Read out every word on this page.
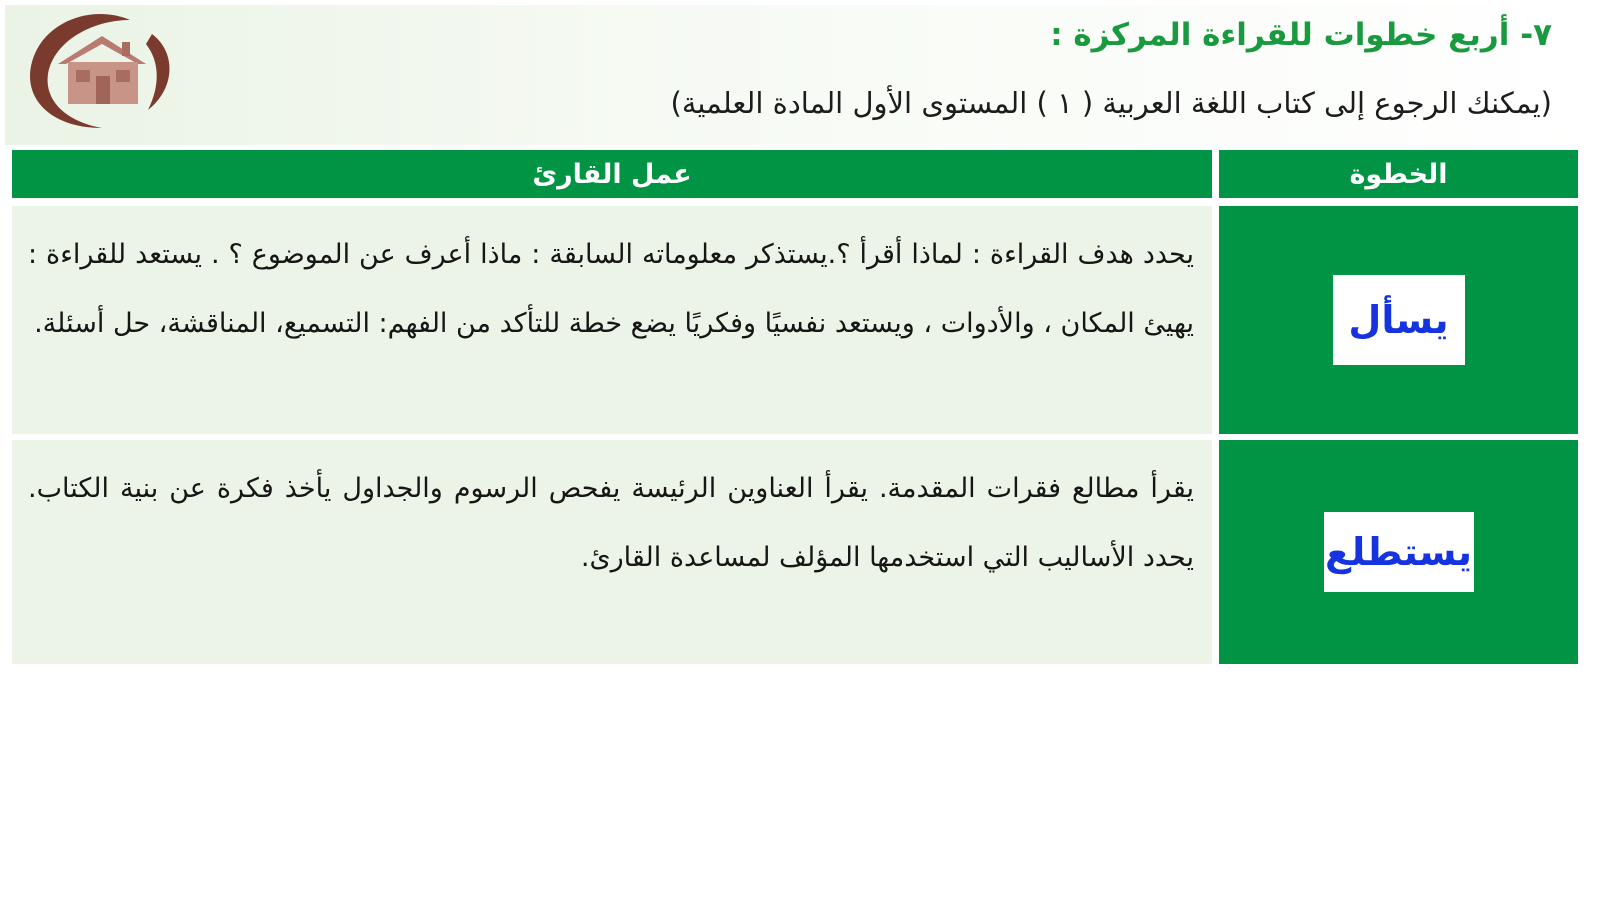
٧- أربع خطوات للقراءة المركزة :
(يمكنك الرجوع إلى كتاب اللغة العربية ( ١ ) المستوى الأول المادة العلمية)
عمل القارئ	الخطوة
يحدد هدف القراءة : لماذا أقرأ ؟.يستذكر معلوماته السابقة : ماذا أعرف عن الموضوع ؟ . يستعد للقراءة : يهيئ المكان ، والأدوات ، ويستعد نفسيًا وفكريًا يضع خطة للتأكد من الفهم: التسميع، المناقشة، حل أسئلة.	يسأل
يقرأ مطالع فقرات المقدمة. يقرأ العناوين الرئيسة يفحص الرسوم والجداول يأخذ فكرة عن بنية الكتاب. يحدد الأساليب التي استخدمها المؤلف لمساعدة القارئ.	يستطلع
